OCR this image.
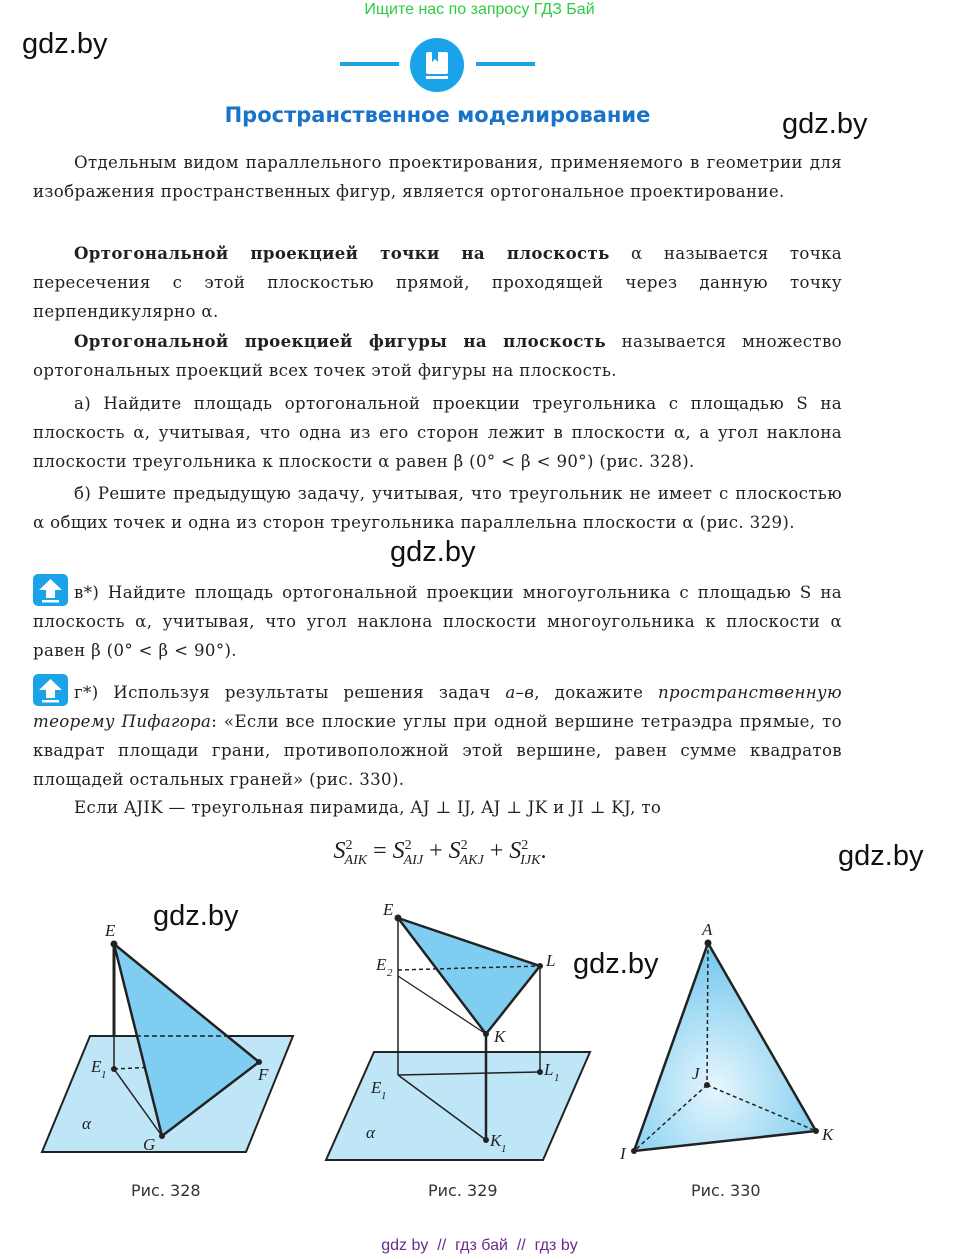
Ищите нас по запросу ГДЗ Бай
gdz.by
gdz.by
gdz.by
gdz.by
gdz.by
gdz.by
Пространственное моделирование
Отдельным видом параллельного проектирования, применяемого в геометрии для изображения пространственных фигур, является ортогональное проектирование.
Ортогональной проекцией точки на плоскость α называется точка пересечения с этой плоскостью прямой, проходящей через данную точку перпендикулярно α.
Ортогональной проекцией фигуры на плоскость называется множество ортогональных проекций всех точек этой фигуры на плоскость.
а) Найдите площадь ортогональной проекции треугольника с площадью S на плоскость α, учитывая, что одна из его сторон лежит в плоскости α, а угол наклона плоскости треугольника к плоскости α равен β (0° < β < 90°) (рис. 328).
б) Решите предыдущую задачу, учитывая, что треугольник не имеет с плоскостью α общих точек и одна из сторон треугольника параллельна плоскости α (рис. 329).
в*) Найдите площадь ортогональной проекции многоугольника с площадью S на плоскость α, учитывая, что угол наклона плоскости многоугольника к плоскости α равен β (0° < β < 90°).
г*) Используя результаты решения задач а–в, докажите пространственную теорему Пифагора: «Если все плоские углы при одной вершине тетраэдра прямые, то квадрат площади грани, противоположной этой вершине, равен сумме квадратов площадей остальных граней» (рис. 330).
Если AJIK — треугольная пирамида, AJ ⊥ IJ, AJ ⊥ JK и JI ⊥ KJ, то
$S^2_{AIK} = S^2_{AIJ} + S^2_{AKJ} + S^2_{IJK}$.
E
E 1	F
G
α
E
E 2
L
K
E 1
L 1
K 1
α
A
J
I
K
Рис. 328	Рис. 329	Рис. 330
gdz by  //  гдз бай  //  гдз by
